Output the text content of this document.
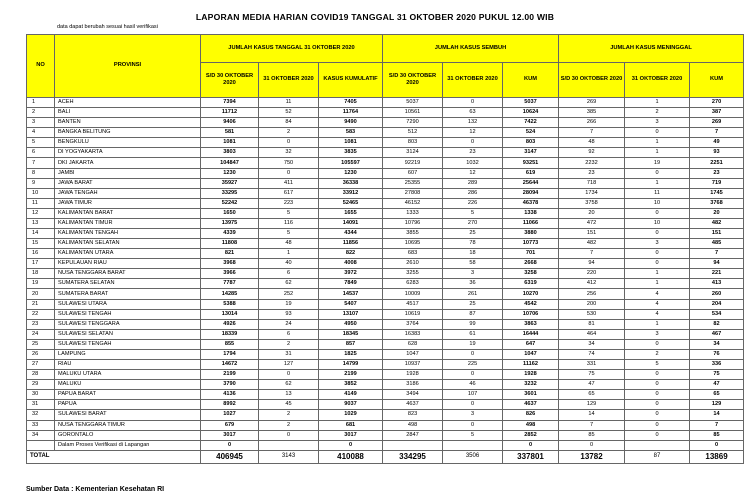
LAPORAN MEDIA HARIAN COVID19 TANGGAL 31 OKTOBER 2020 PUKUL 12.00 WIB
data dapat berubah sesuai hasil verifikasi
NO	PROVINSI	JUMLAH KASUS TANGGAL 31 OKTOBER 2020			JUMLAH KASUS SEMBUH			JUMLAH KASUS MENINGGAL		
		S/D 30 OKTOBER 2020	31 OKTOBER 2020	KASUS KUMULATIF	S/D 30 OKTOBER 2020	31 OKTOBER 2020	KUM	S/D 30 OKTOBER 2020	31 OKTOBER 2020	KUM
1	ACEH	7394	11	7405	5037	0	5037	269	1	270
2	BALI	11712	52	11764	10561	63	10624	385	2	387
3	BANTEN	9406	84	9490	7290	132	7422	266	3	269
4	BANGKA BELITUNG	581	2	583	512	12	524	7	0	7
5	BENGKULU	1081	0	1081	803	0	803	48	1	49
6	DI YOGYAKARTA	3803	32	3835	3124	23	3147	92	1	93
7	DKI JAKARTA	104847	750	105597	92219	1032	93251	2232	19	2251
8	JAMBI	1230	0	1230	607	12	619	23	0	23
9	JAWA BARAT	35927	411	36338	25355	289	25644	718	1	719
10	JAWA TENGAH	33295	617	33912	27808	286	28094	1734	11	1745
11	JAWA TIMUR	52242	223	52465	46152	226	46378	3758	10	3768
12	KALIMANTAN BARAT	1650	5	1655	1333	5	1338	20	0	20
13	KALIMANTAN TIMUR	13975	116	14091	10796	270	11066	472	10	482
14	KALIMANTAN TENGAH	4339	5	4344	3855	25	3880	151	0	151
15	KALIMANTAN SELATAN	11808	48	11856	10695	78	10773	482	3	485
16	KALIMANTAN UTARA	821	1	822	683	18	701	7	0	7
17	KEPULAUAN RIAU	3968	40	4008	2610	58	2668	94	0	94
18	NUSA TENGGARA BARAT	3966	6	3972	3255	3	3258	220	1	221
19	SUMATERA SELATAN	7787	62	7849	6283	36	6319	412	1	413
20	SUMATERA BARAT	14285	252	14537	10009	261	10270	256	4	260
21	SULAWESI UTARA	5388	19	5407	4517	25	4542	200	4	204
22	SULAWESI TENGAH	13014	93	13107	10619	87	10706	530	4	534
23	SULAWESI TENGGARA	4926	24	4950	3764	99	3863	81	1	82
24	SULAWESI SELATAN	18339	6	18345	16383	61	16444	464	3	467
25	SULAWESI TENGAH	855	2	857	628	19	647	34	0	34
26	LAMPUNG	1794	31	1825	1047	0	1047	74	2	76
27	RIAU	14672	127	14799	10937	225	11162	331	5	336
28	MALUKU UTARA	2199	0	2199	1928	0	1928	75	0	75
29	MALUKU	3790	62	3852	3186	46	3232	47	0	47
30	PAPUA BARAT	4136	13	4149	3494	107	3601	65	0	65
31	PAPUA	8992	45	9037	4637	0	4637	129	0	129
32	SULAWESI BARAT	1027	2	1029	823	3	826	14	0	14
33	NUSA TENGGARA TIMUR	679	2	681	498	0	498	7	0	7
34	GORONTALO	3017	0	3017	2847	5	2852	85	0	85
	Dalam Proses Verifikasi di Lapangan	0		0			0	0		0
TOTAL		406945	3143	410088	334295	3506	337801	13782	87	13869
Sumber Data : Kementerian Kesehatan RI
